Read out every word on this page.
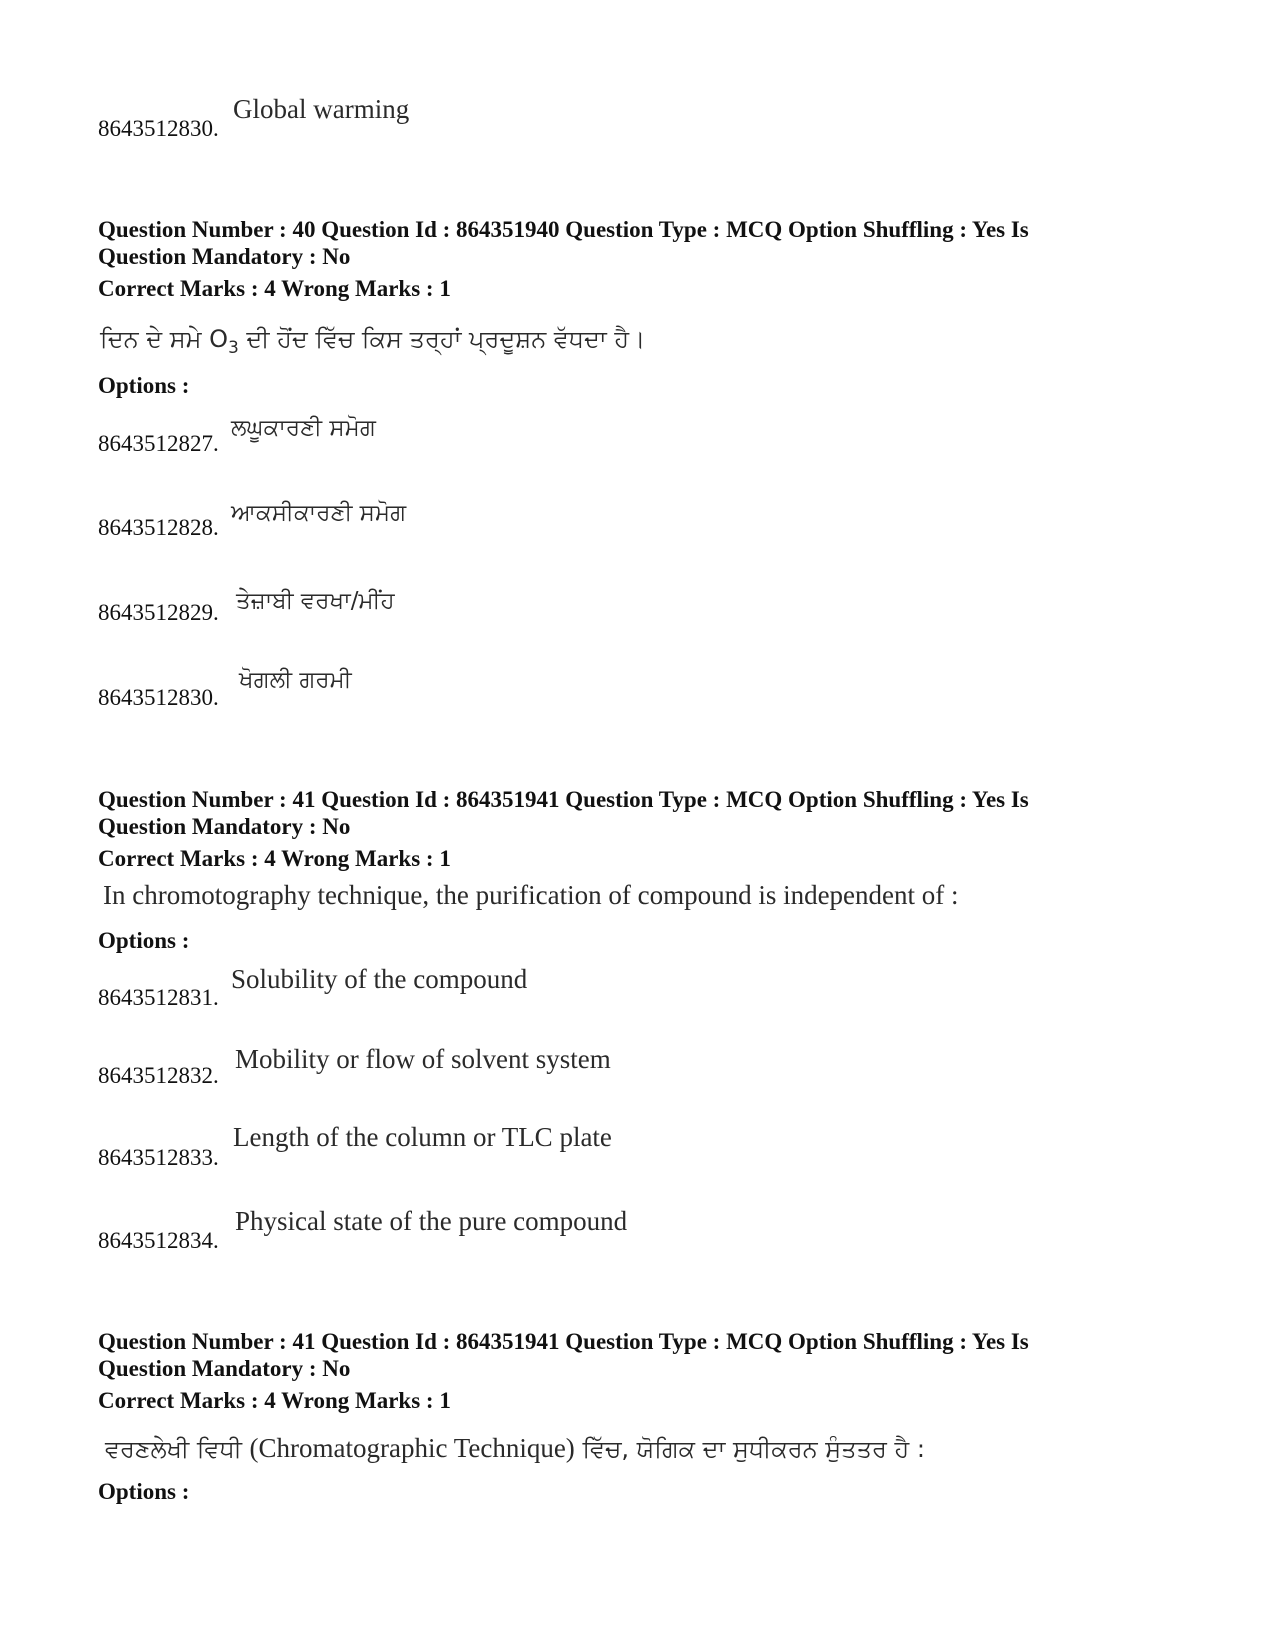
8643512830.
Global warming
Question Number : 40 Question Id : 864351940 Question Type : MCQ Option Shuffling : Yes Is
Question Mandatory : No
Correct Marks : 4 Wrong Marks : 1
ਦਿਨ ਦੇ ਸਮੇ $O_3$ ਦੀ ਹੋਂਦ ਵਿੱਚ ਕਿਸ ਤਰ੍ਹਾਂ ਪ੍ਰਦੂਸ਼ਨ ਵੱਧਦਾ ਹੈ।
Options :
8643512827.
ਲਘੂਕਾਰਣੀ ਸਮੋਗ
8643512828.
ਆਕਸੀਕਾਰਣੀ ਸਮੋਗ
8643512829. ਤੇਜ਼ਾਬੀ ਵਰਖਾ/ਮੀਂਹ
8643512830.
ਖੋਗਲੀ ਗਰਮੀ
Question Number : 41 Question Id : 864351941 Question Type : MCQ Option Shuffling : Yes Is
Question Mandatory : No
Correct Marks : 4 Wrong Marks : 1
In chromotography technique, the purification of compound is independent of :
Options :
8643512831.
Solubility of the compound
8643512832.
Mobility or flow of solvent system
8643512833.
Length of the column or TLC plate
8643512834.
Physical state of the pure compound
Question Number : 41 Question Id : 864351941 Question Type : MCQ Option Shuffling : Yes Is
Question Mandatory : No
Correct Marks : 4 Wrong Marks : 1
ਵਰਣਲੇਖੀ ਵਿਧੀ (Chromatographic Technique) ਵਿੱਚ, ਯੋਗਿਕ ਦਾ ਸੁਧੀਕਰਨ ਸੁੰਤਤਰ ਹੈ :
Options :
